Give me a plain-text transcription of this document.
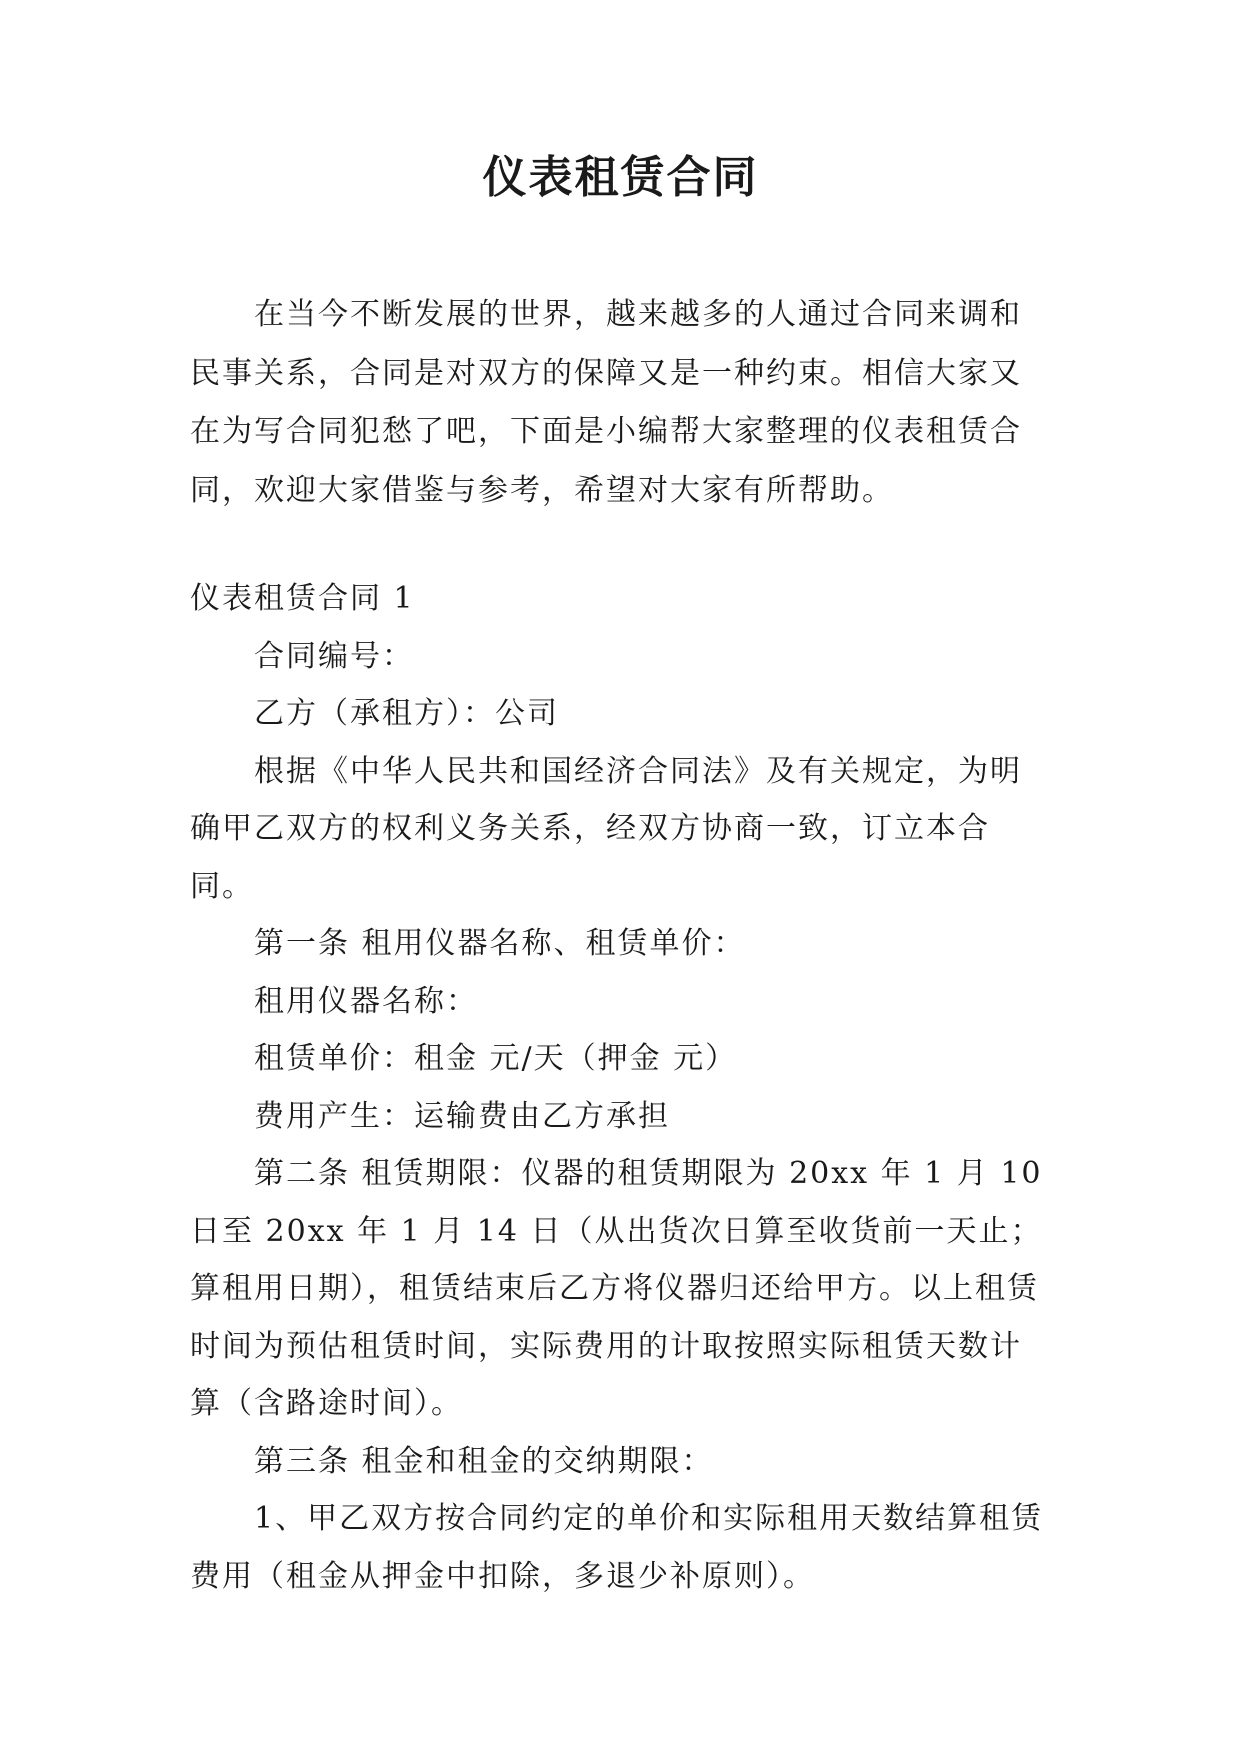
仪表租赁合同

在当今不断发展的世界，越来越多的人通过合同来调和民事关系，合同是对双方的保障又是一种约束。相信大家又在为写合同犯愁了吧，下面是小编帮大家整理的仪表租赁合同，欢迎大家借鉴与参考，希望对大家有所帮助。

仪表租赁合同 1

合同编号：

乙方（承租方）：公司

根据《中华人民共和国经济合同法》及有关规定，为明确甲乙双方的权利义务关系，经双方协商一致，订立本合同。

第一条 租用仪器名称、租赁单价：

租用仪器名称：

租赁单价：租金 元/天（押金 元）

费用产生：运输费由乙方承担

第二条 租赁期限：仪器的租赁期限为 20xx 年 1 月 10 日至 20xx 年 1 月 14 日（从出货次日算至收货前一天止；算租用日期），租赁结束后乙方将仪器归还给甲方。以上租赁时间为预估租赁时间，实际费用的计取按照实际租赁天数计算（含路途时间）。

第三条 租金和租金的交纳期限：

1、甲乙双方按合同约定的单价和实际租用天数结算租赁费用（租金从押金中扣除，多退少补原则）。
